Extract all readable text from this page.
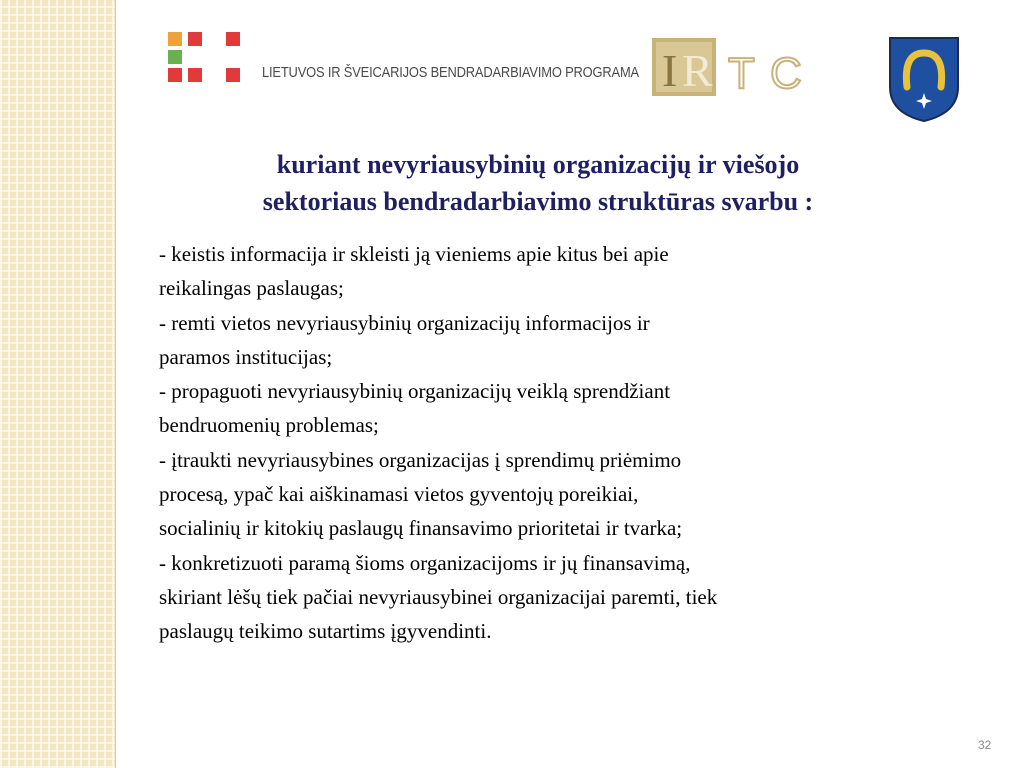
LIETUVOS IR ŠVEICARIJOS BENDRADARBIAVIMO PROGRAMA I R T C
kuriant nevyriausybinių organizacijų ir viešojo
sektoriaus bendradarbiavimo struktūras svarbu :
- keistis informacija ir skleisti ją vieniems apie kitus bei apie
reikalingas paslaugas;
- remti vietos nevyriausybinių organizacijų informacijos ir
paramos institucijas;
- propaguoti nevyriausybinių organizacijų veiklą sprendžiant
bendruomenių problemas;
- įtraukti nevyriausybines organizacijas į sprendimų priėmimo
procesą, ypač kai aiškinamasi vietos gyventojų poreikiai,
socialinių ir kitokių paslaugų finansavimo prioritetai ir tvarka;
- konkretizuoti paramą šioms organizacijoms ir jų finansavimą,
skiriant lėšų tiek pačiai nevyriausybinei organizacijai paremti, tiek
paslaugų teikimo sutartims įgyvendinti.
32
